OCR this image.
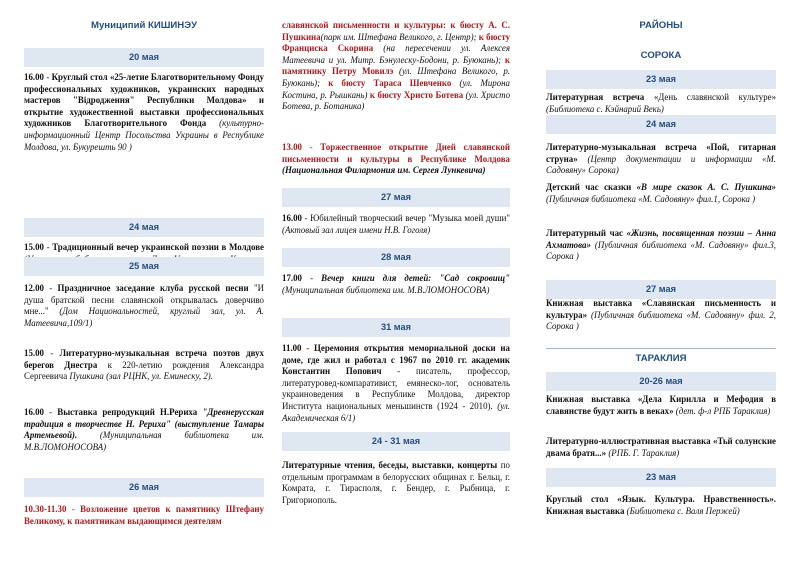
Муниципий КИШИНЭУ
20 мая
16.00 - Круглый стол «25-летие Благотворительному Фонду профессиональных художников, украинских народных мастеров "Відродження" Республики Молдова» и открытие художественной выставки профессиональных художников Благотворительного Фонда (культурно-информационный Центр Посольства Украины в Республике Молдова, ул. Букурешть 90 )
24 мая
15.00 - Традиционный вечер украинской поэзии в Молдове
25 мая
12.00 - Праздничное заседание клуба русской песни "И душа братской песни славянской открывалась доверчиво мне..." (Дом Национальностей, круглый зал, ул. А. Матеевича,109/1)
15.00 - Литературно-музыкальная встреча поэтов двух берегов Днестра к 220-летию рождения Александра Сергеевича Пушкина (зал РЦНК, ул. Еминеску, 2).
16.00 - Выставка репродукций Н.Рериха "Древнерусская традиция в творчестве Н. Рериха" (выступление Тамары Артемьевой). (Муниципальная библиотека им. М.В.ЛОМОНОСОВА)
26 мая
10.30-11.30 - Возложение цветов к памятнику Штефану Великому, к памятникам выдающимся деятелям
славянской письменности и культуры: к бюсту А. С. Пушкина(парк им. Штефана Великого, г. Центр); к бюсту Франциска Скорина (на пересечении ул. Алексея Матеевича и ул. Митр. Бэнулеску-Бодони, р. Буюкань); к памятнику Петру Мовилэ (ул. Штефана Великого, р. Буюкань); к бюсту Тараса Шевченко (ул. Мирона Костина, р. Рышкань) к бюсту Христо Ботева (ул. Христо Ботева, р. Ботаника)
13.00 - Торжественное открытие Дней славянской письменности и культуры в Республике Молдова (Национальная Филармония им. Сергея Лункевича)
27 мая
16.00 - Юбилейный творческий вечер "Музыка моей души" (Актовый зал лицея имени Н.В. Гоголя)
28 мая
17.00 - Вечер книги для детей: "Сад сокровищ" (Муниципальная библиотека им. М.В.ЛОМОНОСОВА)
31 мая
11.00 - Церемония открытия мемориальной доски на доме, где жил и работал с 1967 по 2010 гг. академик Константин Попович - писатель, профессор, литературовед-компаративист, емянеско-лог, основатель украиноведения в Республике Молдова, директор Института национальных меньшинств (1924 - 2010). (ул. Академическая 6/1)
24 - 31 мая
Литературные чтения, беседы, выставки, концерты по отдельным программам в белорусских общинах г. Бельц, г. Комрата, г. Тирасполя, г. Бендер, г. Рыбница, г. Григориополь.
РАЙОНЫ
СОРОКА
23 мая
Литературная встреча «День славянской культуре» (Библиотека с. Кэйнарий Векь)
24 мая
Литературно-музыкальная встреча «Пой, гитарная струна» (Центр документации и информации «М. Садовяну» Сорока)
Детский час сказки «В мире сказок А. С. Пушкина» (Публичная библиотека «М. Садовяну» фил.1, Сорока )
Литературный час «Жизнь, посвященная поэзии – Анна Ахматова» (Публичная библиотека «М. Садовяну» фил.3, Сорока )
27 мая
Книжная выставка «Славянская письменность и культура» (Публичная библиотека «М. Садовяну» фил. 2, Сорока )
ТАРАКЛИЯ
20-26 мая
Книжная выставка «Дела Кирилла и Мефодия в славянстве будут жить в веках» (дет. ф-л РПБ Тараклия)
Литературно-иллюстративная выставка «Тьй солунские двама братя...» (РПБ. Г. Тараклия)
23 мая
Круглый стол «Язык. Культура. Нравственность». Книжная выставка (Библиотека с. Валя Пержей)
